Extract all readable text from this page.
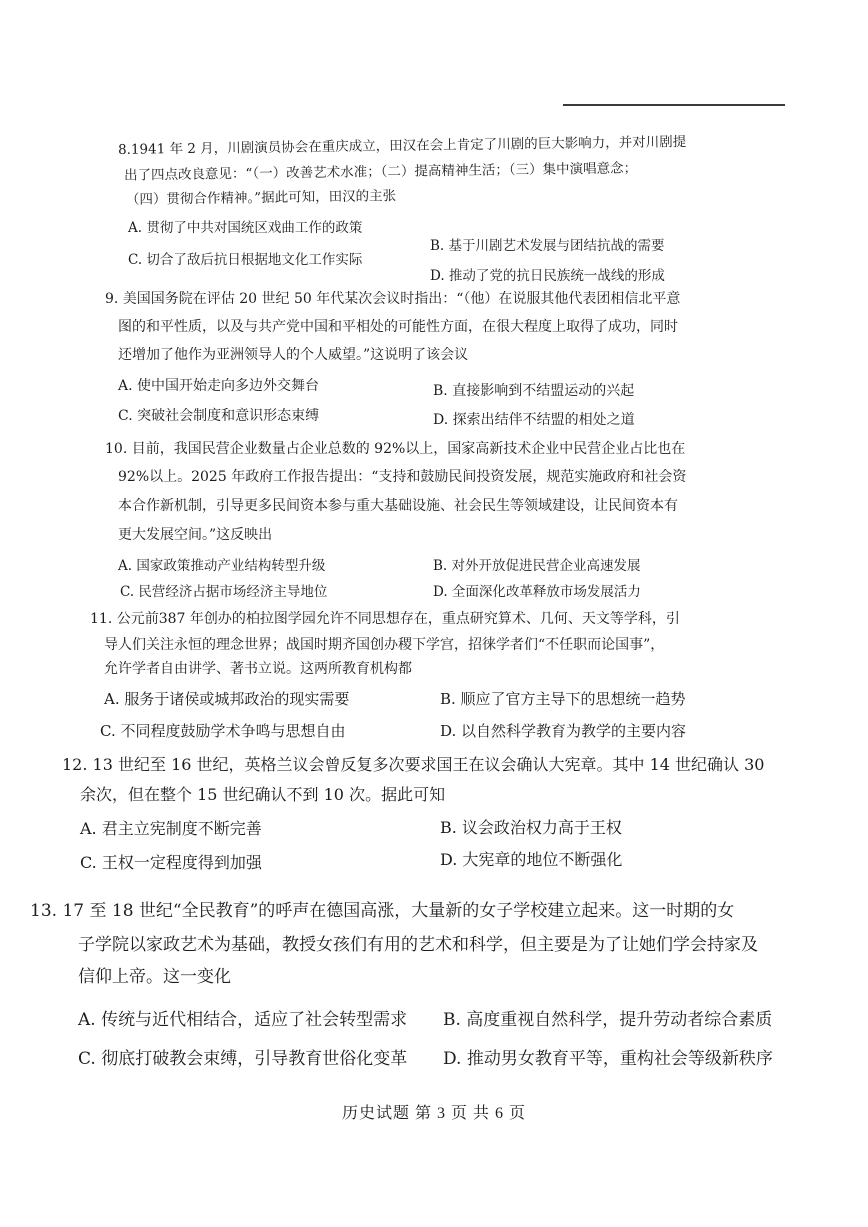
8.1941 年 2 月，川剧演员协会在重庆成立，田汉在会上肯定了川剧的巨大影响力，并对川剧提
出了四点改良意见：“（一）改善艺术水准；（二）提高精神生活；（三）集中演唱意念；
（四）贯彻合作精神。”据此可知，田汉的主张
A. 贯彻了中共对国统区戏曲工作的政策
B. 基于川剧艺术发展与团结抗战的需要
C. 切合了敌后抗日根据地文化工作实际
D. 推动了党的抗日民族统一战线的形成
9. 美国国务院在评估 20 世纪 50 年代某次会议时指出：“（他）在说服其他代表团相信北平意
图的和平性质，以及与共产党中国和平相处的可能性方面，在很大程度上取得了成功，同时
还增加了他作为亚洲领导人的个人威望。”这说明了该会议
A. 使中国开始走向多边外交舞台	B. 直接影响到不结盟运动的兴起
C. 突破社会制度和意识形态束缚	D. 探索出结伴不结盟的相处之道
10. 目前，我国民营企业数量占企业总数的 92%以上，国家高新技术企业中民营企业占比也在
92%以上。2025 年政府工作报告提出：“支持和鼓励民间投资发展，规范实施政府和社会资
本合作新机制，引导更多民间资本参与重大基础设施、社会民生等领域建设，让民间资本有
更大发展空间。”这反映出
A. 国家政策推动产业结构转型升级	B. 对外开放促进民营企业高速发展
C. 民营经济占据市场经济主导地位	D. 全面深化改革释放市场发展活力
11. 公元前387 年创办的柏拉图学园允许不同思想存在，重点研究算术、几何、天文等学科，引
导人们关注永恒的理念世界；战国时期齐国创办稷下学宫，招徕学者们“不任职而论国事”，
允许学者自由讲学、著书立说。这两所教育机构都
A. 服务于诸侯或城邦政治的现实需要	B. 顺应了官方主导下的思想统一趋势
C. 不同程度鼓励学术争鸣与思想自由	D. 以自然科学教育为教学的主要内容
12. 13 世纪至 16 世纪，英格兰议会曾反复多次要求国王在议会确认大宪章。其中 14 世纪确认 30
余次，但在整个 15 世纪确认不到 10 次。据此可知
A. 君主立宪制度不断完善	B. 议会政治权力高于王权
C. 王权一定程度得到加强	D. 大宪章的地位不断强化
13. 17 至 18 世纪“全民教育”的呼声在德国高涨，大量新的女子学校建立起来。这一时期的女
子学院以家政艺术为基础，教授女孩们有用的艺术和科学，但主要是为了让她们学会持家及
信仰上帝。这一变化
A. 传统与近代相结合，适应了社会转型需求 B. 高度重视自然科学，提升劳动者综合素质
C. 彻底打破教会束缚，引导教育世俗化变革 D. 推动男女教育平等，重构社会等级新秩序
历史试题 第 3 页 共 6 页
